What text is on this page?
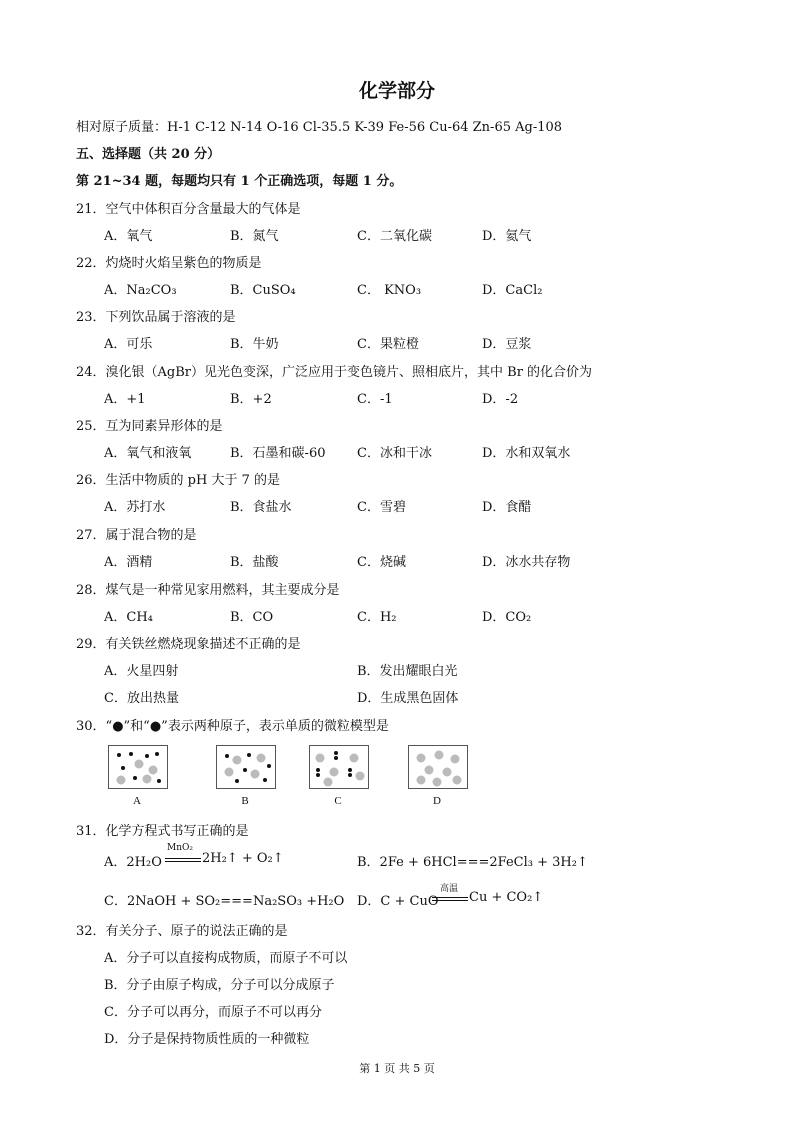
化学部分
相对原子质量：H-1 C-12 N-14 O-16 Cl-35.5 K-39 Fe-56 Cu-64 Zn-65 Ag-108
五、选择题（共 20 分）
第 21~34 题，每题均只有 1 个正确选项，每题 1 分。
21．空气中体积百分含量最大的气体是
A．氧气	B．氮气	C．二氧化碳	D．氦气
22．灼烧时火焰呈紫色的物质是
A．Na₂CO₃	B．CuSO₄	C． KNO₃	D．CaCl₂
23．下列饮品属于溶液的是
A．可乐	B．牛奶	C．果粒橙	D．豆浆
24．溴化银（AgBr）见光色变深，广泛应用于变色镜片、照相底片，其中 Br 的化合价为
A．+1	B．+2	C．-1	D．-2
25．互为同素异形体的是
A．氧气和液氧	B．石墨和碳-60 C．冰和干冰	D．水和双氧水
26．生活中物质的 pH 大于 7 的是
A．苏打水	B．食盐水	C．雪碧	D．食醋
27．属于混合物的是
A．酒精	B．盐酸	C．烧碱	D．冰水共存物
28．煤气是一种常见家用燃料，其主要成分是
A．CH₄	B．CO	C．H₂	D．CO₂
29．有关铁丝燃烧现象描述不正确的是
A．火星四射	B．发出耀眼白光
C．放出热量	D．生成黑色固体
30．“●”和“●”表示两种原子，表示单质的微粒模型是
A	B	C	D
31．化学方程式书写正确的是
A．2H₂O
MnO₂
2H₂↑ + O₂↑	B．2Fe + 6HCl===2FeCl₃ + 3H₂↑
C．2NaOH + SO₂===Na₂SO₃ +H₂O D．C + CuO
高温
Cu + CO₂↑
32．有关分子、原子的说法正确的是
A．分子可以直接构成物质，而原子不可以
B．分子由原子构成，分子可以分成原子
C．分子可以再分，而原子不可以再分
D．分子是保持物质性质的一种微粒
第 1 页 共 5 页
